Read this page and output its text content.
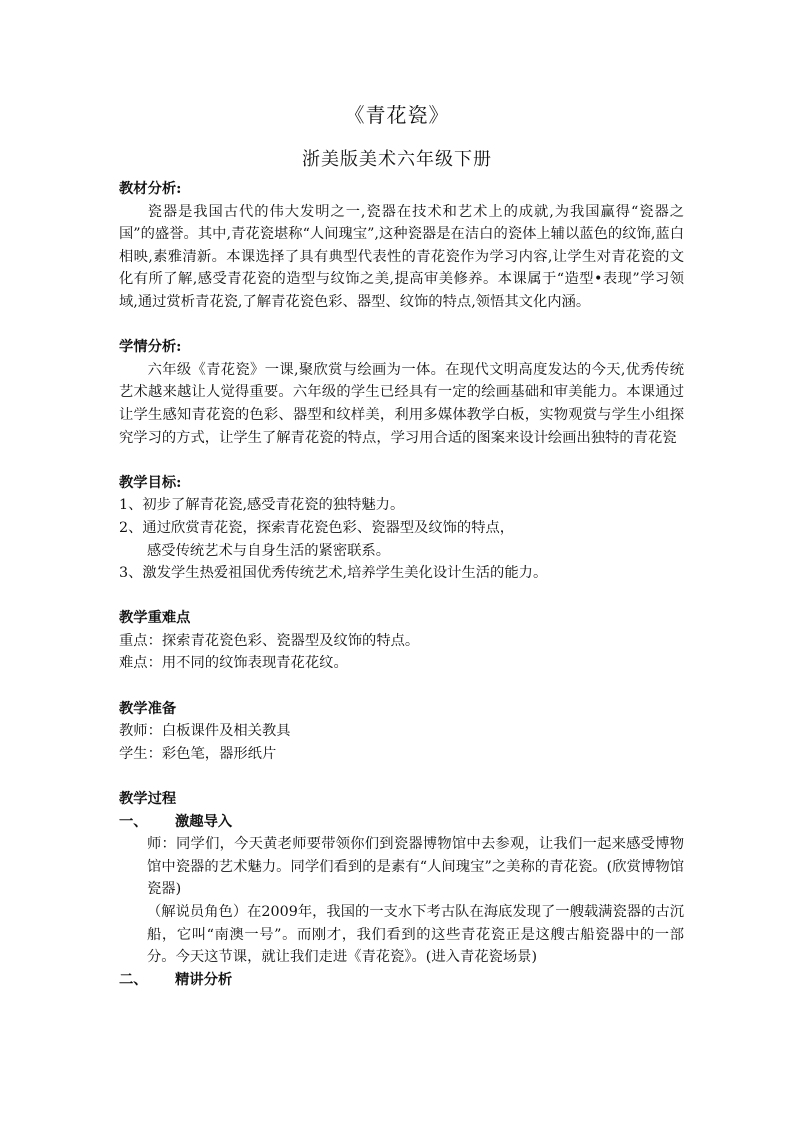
《青花瓷》
浙美版美术六年级下册

教材分析:

瓷器是我国古代的伟大发明之一,瓷器在技术和艺术上的成就,为我国赢得“瓷器之国”的盛誉。其中,青花瓷堪称“人间瑰宝”,这种瓷器是在洁白的瓷体上辅以蓝色的纹饰,蓝白相映,素雅清新。本课选择了具有典型代表性的青花瓷作为学习内容,让学生对青花瓷的文化有所了解,感受青花瓷的造型与纹饰之美,提高审美修养。本课属于“造型•表现”学习领域,通过赏析青花瓷,了解青花瓷色彩、器型、纹饰的特点,领悟其文化内涵。

学情分析:

六年级《青花瓷》一课,聚欣赏与绘画为一体。在现代文明高度发达的今天,优秀传统艺术越来越让人觉得重要。六年级的学生已经具有一定的绘画基础和审美能力。本课通过让学生感知青花瓷的色彩、器型和纹样美，利用多媒体教学白板，实物观赏与学生小组探究学习的方式，让学生了解青花瓷的特点，学习用合适的图案来设计绘画出独特的青花瓷

教学目标:

1、初步了解青花瓷,感受青花瓷的独特魅力。

2、通过欣赏青花瓷，探索青花瓷色彩、瓷器型及纹饰的特点，

感受传统艺术与自身生活的紧密联系。

3、激发学生热爱祖国优秀传统艺术,培养学生美化设计生活的能力。

教学重难点

重点：探索青花瓷色彩、瓷器型及纹饰的特点。

难点：用不同的纹饰表现青花花纹。

教学准备

教师：白板课件及相关教具

学生：彩色笔，器形纸片

教学过程

一、 激趣导入

师：同学们，今天黄老师要带领你们到瓷器博物馆中去参观，让我们一起来感受博物馆中瓷器的艺术魅力。同学们看到的是素有“人间瑰宝”之美称的青花瓷。(欣赏博物馆瓷器)

（解说员角色）在2009年，我国的一支水下考古队在海底发现了一艘载满瓷器的古沉船，它叫“南澳一号”。而刚才，我们看到的这些青花瓷正是这艘古船瓷器中的一部分。今天这节课，就让我们走进《青花瓷》。(进入青花瓷场景)

二、 精讲分析
